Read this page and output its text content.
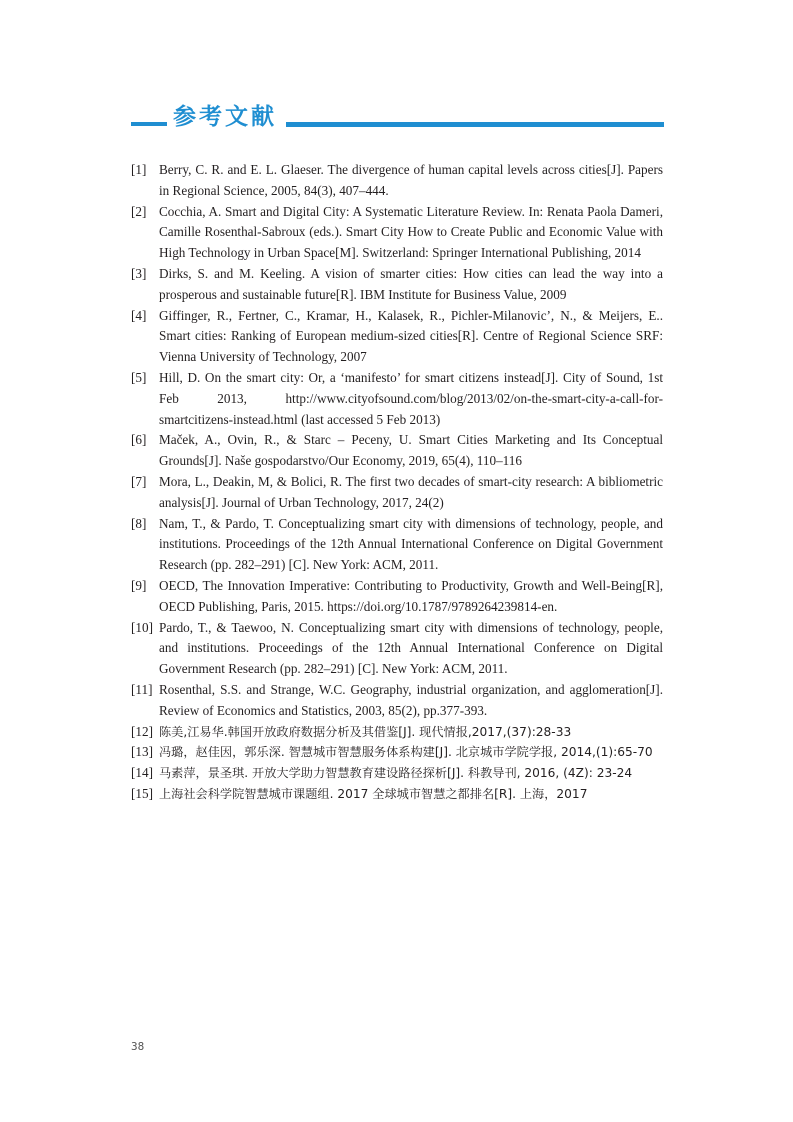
参考文献
[1] Berry, C. R. and E. L. Glaeser. The divergence of human capital levels across cities[J]. Papers in Regional Science, 2005, 84(3), 407–444.
[2] Cocchia, A. Smart and Digital City: A Systematic Literature Review. In: Renata Paola Dameri, Camille Rosenthal-Sabroux (eds.). Smart City How to Create Public and Economic Value with High Technology in Urban Space[M]. Switzerland: Springer International Publishing, 2014
[3] Dirks, S. and M. Keeling. A vision of smarter cities: How cities can lead the way into a prosperous and sustainable future[R]. IBM Institute for Business Value, 2009
[4] Giffinger, R., Fertner, C., Kramar, H., Kalasek, R., Pichler-Milanovic’, N., & Meijers, E.. Smart cities: Ranking of European medium-sized cities[R]. Centre of Regional Science SRF: Vienna University of Technology, 2007
[5] Hill, D. On the smart city: Or, a ‘manifesto’ for smart citizens instead[J]. City of Sound, 1st Feb 2013, http://www.cityofsound.com/blog/2013/02/on-the-smart-city-a-call-for-smartcitizens-instead.html (last accessed 5 Feb 2013)
[6] Maček, A., Ovin, R., & Starc – Peceny, U. Smart Cities Marketing and Its Conceptual Grounds[J]. Naše gospodarstvo/Our Economy, 2019, 65(4), 110–116
[7] Mora, L., Deakin, M, & Bolici, R. The first two decades of smart-city research: A bibliometric analysis[J]. Journal of Urban Technology, 2017, 24(2)
[8] Nam, T., & Pardo, T. Conceptualizing smart city with dimensions of technology, people, and institutions. Proceedings of the 12th Annual International Conference on Digital Government Research (pp. 282–291) [C]. New York: ACM, 2011.
[9] OECD, The Innovation Imperative: Contributing to Productivity, Growth and Well-Being[R], OECD Publishing, Paris, 2015. https://doi.org/10.1787/9789264239814-en.
[10] Pardo, T., & Taewoo, N. Conceptualizing smart city with dimensions of technology, people, and institutions. Proceedings of the 12th Annual International Conference on Digital Government Research (pp. 282–291) [C]. New York: ACM, 2011.
[11] Rosenthal, S.S. and Strange, W.C. Geography, industrial organization, and agglomeration[J]. Review of Economics and Statistics, 2003, 85(2), pp.377-393.
[12] 陈美,江易华.韩国开放政府数据分析及其借鉴[J]. 现代情报,2017,(37):28-33
[13] 冯璐，赵佳因，郭乐深. 智慧城市智慧服务体系构建[J]. 北京城市学院学报, 2014,(1):65-70
[14] 马素萍，景圣琪. 开放大学助力智慧教育建设路径探析[J]. 科教导刊, 2016, (4Z): 23-24
[15] 上海社会科学院智慧城市课题组. 2017 全球城市智慧之都排名[R]. 上海，2017
38
